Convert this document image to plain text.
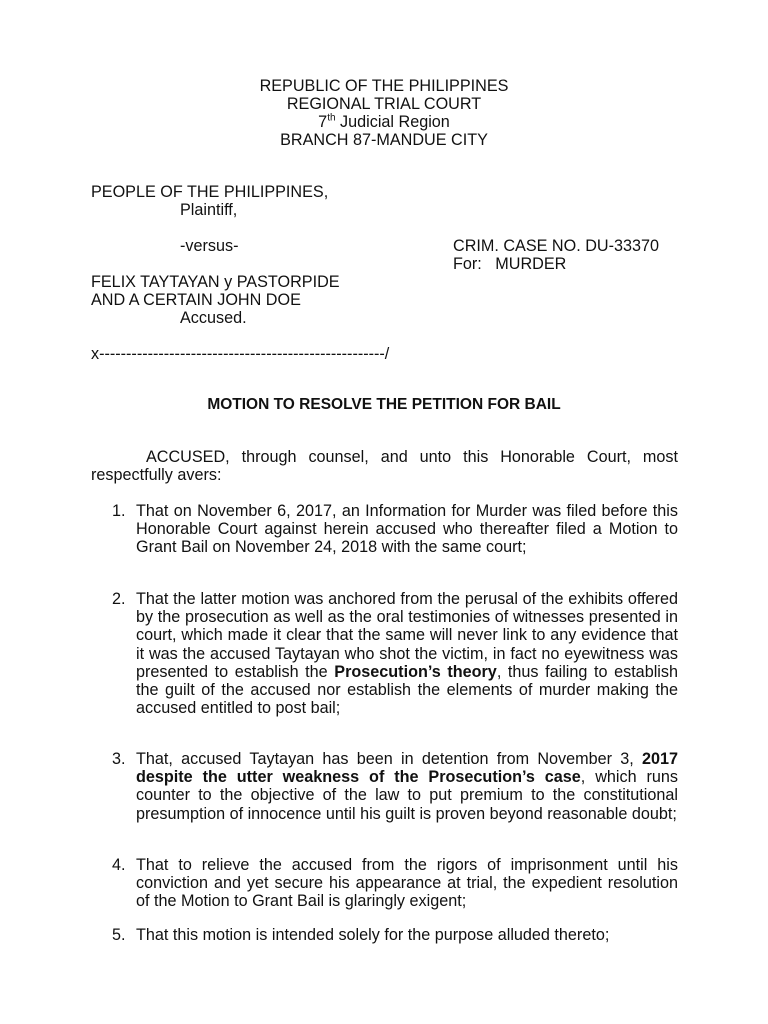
REPUBLIC OF THE PHILIPPINES
REGIONAL TRIAL COURT
7th Judicial Region
BRANCH 87-MANDUE CITY
PEOPLE OF THE PHILIPPINES,
Plaintiff,
-versus-	CRIM. CASE NO. DU-33370
For:   MURDER
FELIX TAYTAYAN y PASTORPIDE
AND A CERTAIN JOHN DOE
Accused.
x-----------------------------------------------------/
MOTION TO RESOLVE THE PETITION FOR BAIL
ACCUSED, through counsel, and unto this Honorable Court, most respectfully avers:
1. That on November 6, 2017, an Information for Murder was filed before this Honorable Court against herein accused who thereafter filed a Motion to Grant Bail on November 24, 2018 with the same court;
2. That the latter motion was anchored from the perusal of the exhibits offered by the prosecution as well as the oral testimonies of witnesses presented in court, which made it clear that the same will never link to any evidence that it was the accused Taytayan who shot the victim, in fact no eyewitness was presented to establish the Prosecution’s theory, thus failing to establish the guilt of the accused nor establish the elements of murder making the accused entitled to post bail;
3. That, accused Taytayan has been in detention from November 3, 2017 despite the utter weakness of the Prosecution’s case, which runs counter to the objective of the law to put premium to the constitutional presumption of innocence until his guilt is proven beyond reasonable doubt;
4. That to relieve the accused from the rigors of imprisonment until his conviction and yet secure his appearance at trial, the expedient resolution of the Motion to Grant Bail is glaringly exigent;
5. That this motion is intended solely for the purpose alluded thereto;
